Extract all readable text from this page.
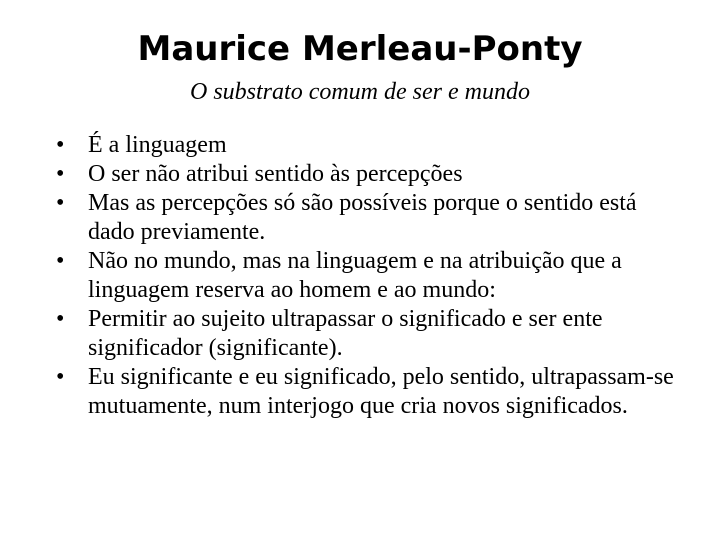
Maurice Merleau-Ponty
O substrato comum de ser e mundo
• É a linguagem
• O ser não atribui sentido às percepções
• Mas as percepções só são possíveis porque o sentido está dado previamente.
• Não no mundo, mas na linguagem e na atribuição que a linguagem reserva ao homem e ao mundo:
• Permitir ao sujeito ultrapassar o significado e ser ente significador (significante).
• Eu significante e eu significado, pelo sentido, ultrapassam-se mutuamente, num interjogo que cria novos significados.
